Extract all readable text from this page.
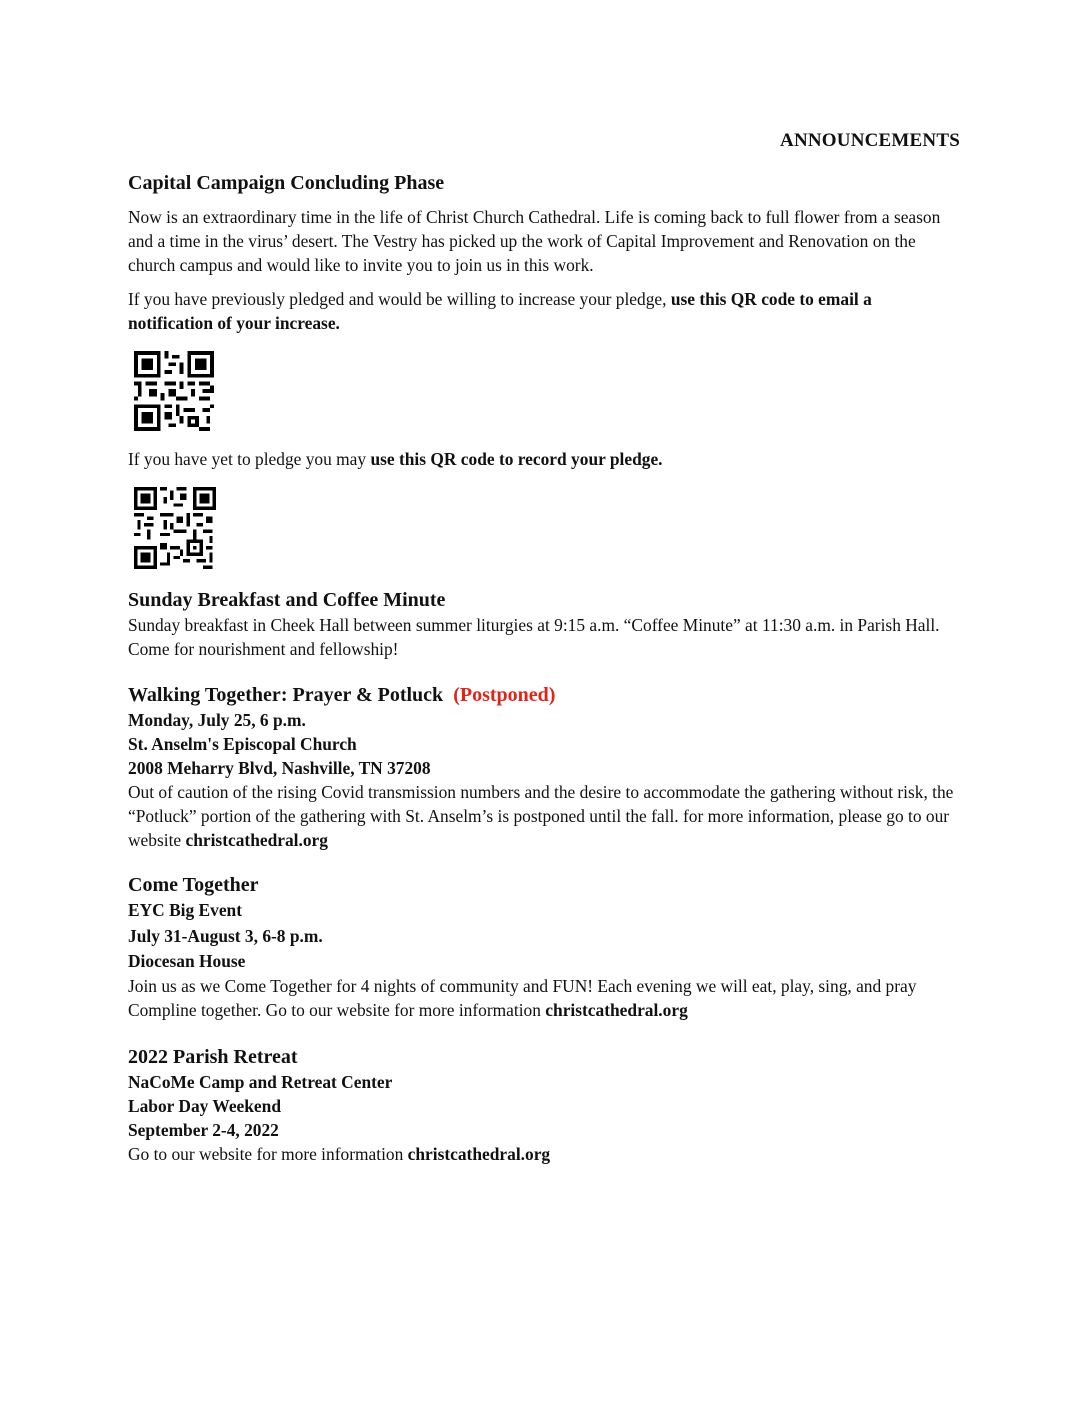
ANNOUNCEMENTS
Capital Campaign Concluding Phase

Now is an extraordinary time in the life of Christ Church Cathedral. Life is coming back to full flower from a season and a time in the virus’ desert. The Vestry has picked up the work of Capital Improvement and Renovation on the church campus and would like to invite you to join us in this work.

If you have previously pledged and would be willing to increase your pledge, use this QR code to email a notification of your increase.

If you have yet to pledge you may use this QR code to record your pledge.

Sunday Breakfast and Coffee Minute

Sunday breakfast in Cheek Hall between summer liturgies at 9:15 a.m. “Coffee Minute” at 11:30 a.m. in Parish Hall. Come for nourishment and fellowship!

Walking Together: Prayer & Potluck (Postponed)

Monday, July 25, 6 p.m.

St. Anselm's Episcopal Church

2008 Meharry Blvd, Nashville, TN 37208

Out of caution of the rising Covid transmission numbers and the desire to accommodate the gathering without risk, the “Potluck” portion of the gathering with St. Anselm’s is postponed until the fall. for more information, please go to our website christcathedral.org

Come Together

EYC Big Event

July 31-August 3, 6-8 p.m.

Diocesan House

Join us as we Come Together for 4 nights of community and FUN! Each evening we will eat, play, sing, and pray Compline together. Go to our website for more information christcathedral.org

2022 Parish Retreat

NaCoMe Camp and Retreat Center

Labor Day Weekend

September 2-4, 2022

Go to our website for more information christcathedral.org
